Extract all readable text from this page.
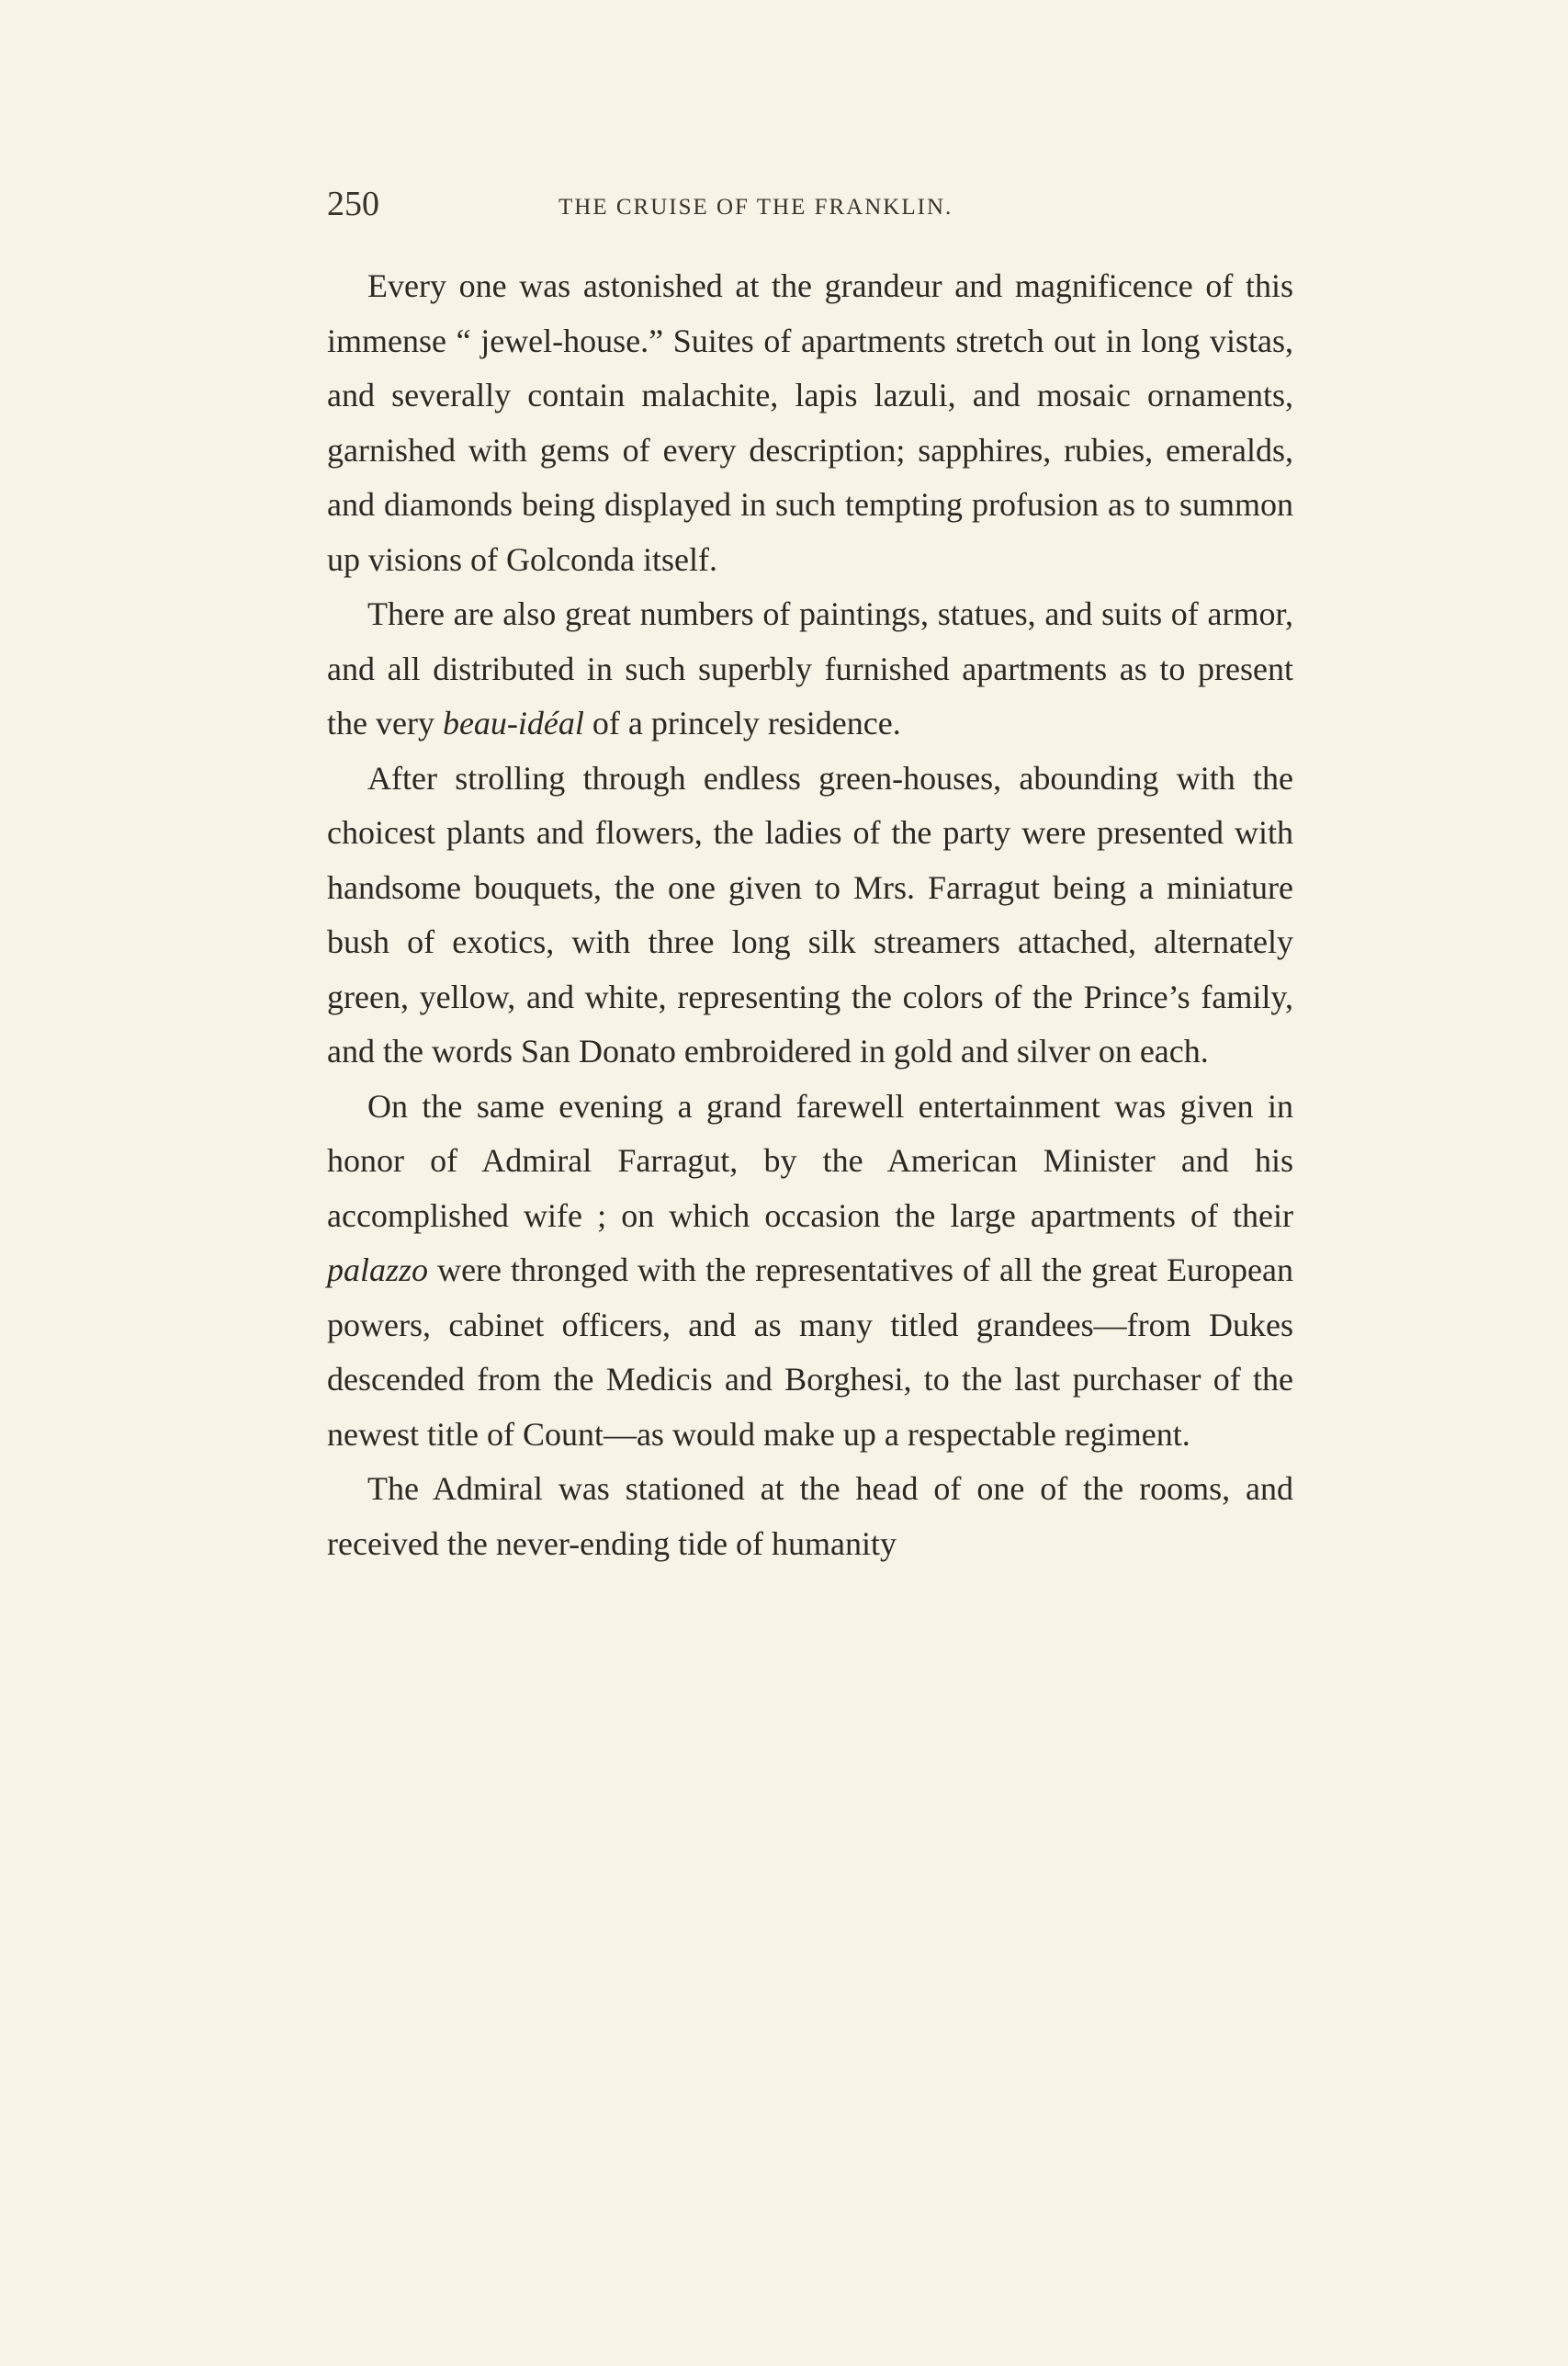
250	THE CRUISE OF THE FRANKLIN.

Every one was astonished at the grandeur and magnificence of this immense “ jewel-house.” Suites of apartments stretch out in long vistas, and severally contain malachite, lapis lazuli, and mosaic ornaments, garnished with gems of every description; sapphires, rubies, emeralds, and diamonds being displayed in such tempting profusion as to summon up visions of Golconda itself.

There are also great numbers of paintings, statues, and suits of armor, and all distributed in such superbly furnished apartments as to present the very beau-idéal of a princely residence.

After strolling through endless green-houses, abounding with the choicest plants and flowers, the ladies of the party were presented with handsome bouquets, the one given to Mrs. Farragut being a miniature bush of exotics, with three long silk streamers attached, alternately green, yellow, and white, representing the colors of the Prince’s family, and the words San Donato embroidered in gold and silver on each.

On the same evening a grand farewell entertainment was given in honor of Admiral Farragut, by the American Minister and his accomplished wife ; on which occasion the large apartments of their palazzo were thronged with the representatives of all the great European powers, cabinet officers, and as many titled grandees—from Dukes descended from the Medicis and Borghesi, to the last purchaser of the newest title of Count—as would make up a respectable regiment.

The Admiral was stationed at the head of one of the rooms, and received the never-ending tide of humanity
